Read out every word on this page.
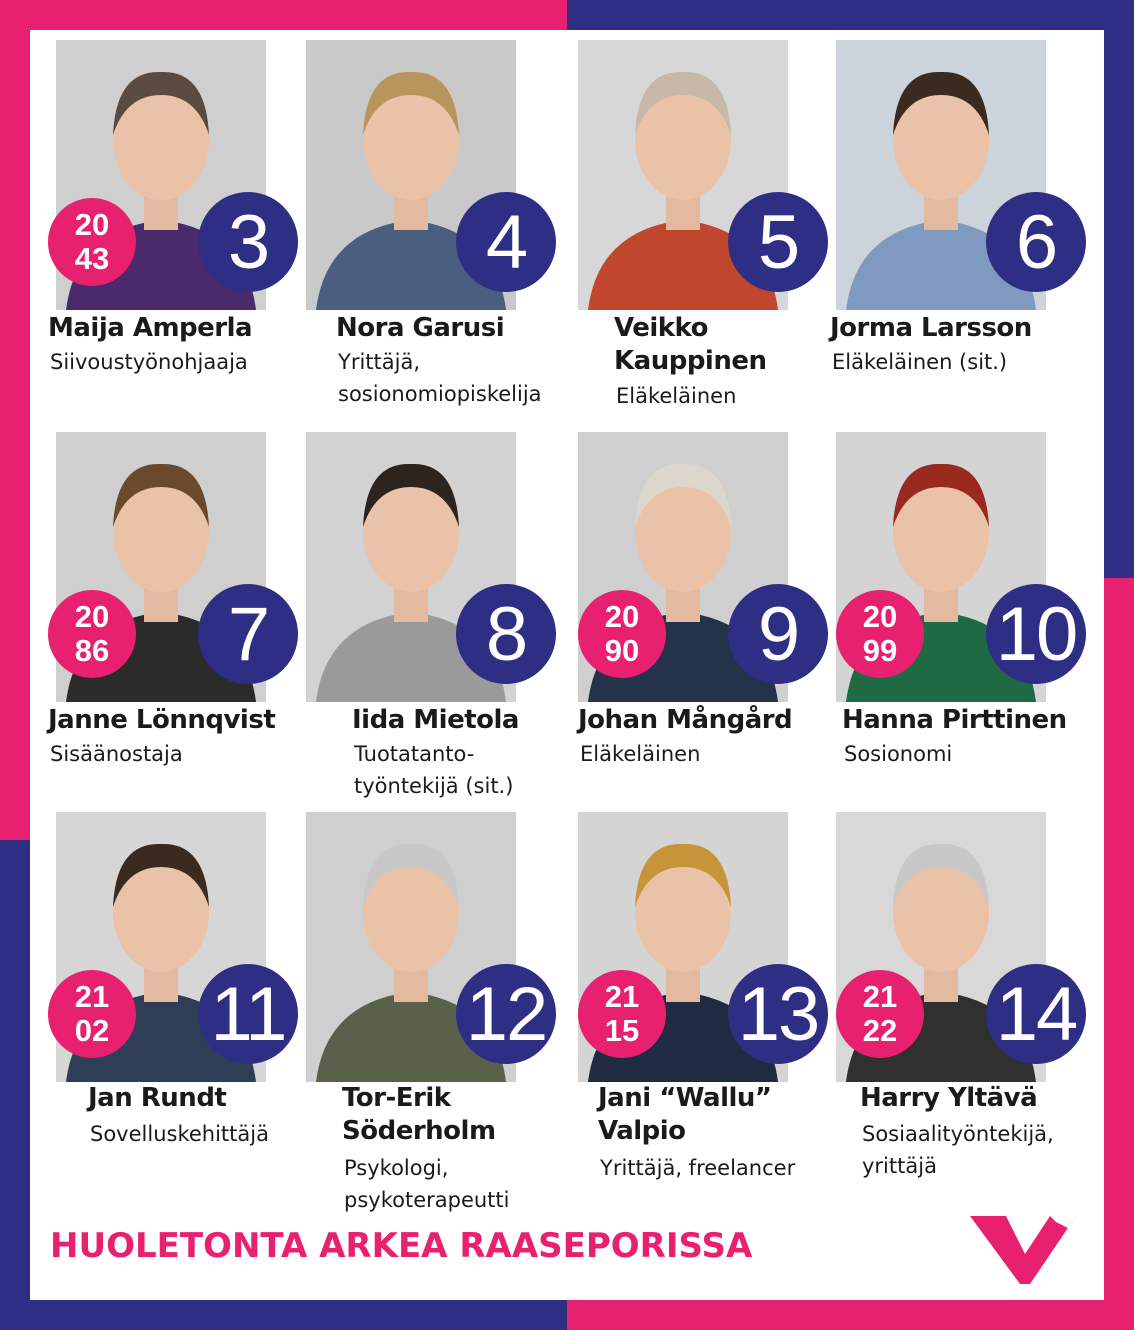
20
43	3
Maija Amperla
Siivoustyönohjaaja
4
Nora Garusi
Yrittäjä,
sosionomiopiskelija
5
Veikko
Kauppinen
Eläkeläinen
6
Jorma Larsson
Eläkeläinen (sit.)
20
86	7
Janne Lönnqvist
Sisäänostaja
8
Iida Mietola
Tuotatanto-
työntekijä (sit.)
20
90	9
Johan Mångård
Eläkeläinen
20
99 10
Hanna Pirttinen
Sosionomi
21
02 11
Jan Rundt
Sovelluskehittäjä
12
Tor-Erik
Söderholm
Psykologi,
psykoterapeutti
21
15 13
Jani “Wallu”
Valpio
Yrittäjä, freelancer
21
22 14
Harry Yltävä
Sosiaalityöntekijä,
yrittäjä
HUOLETONTA ARKEA RAASEPORISSA
